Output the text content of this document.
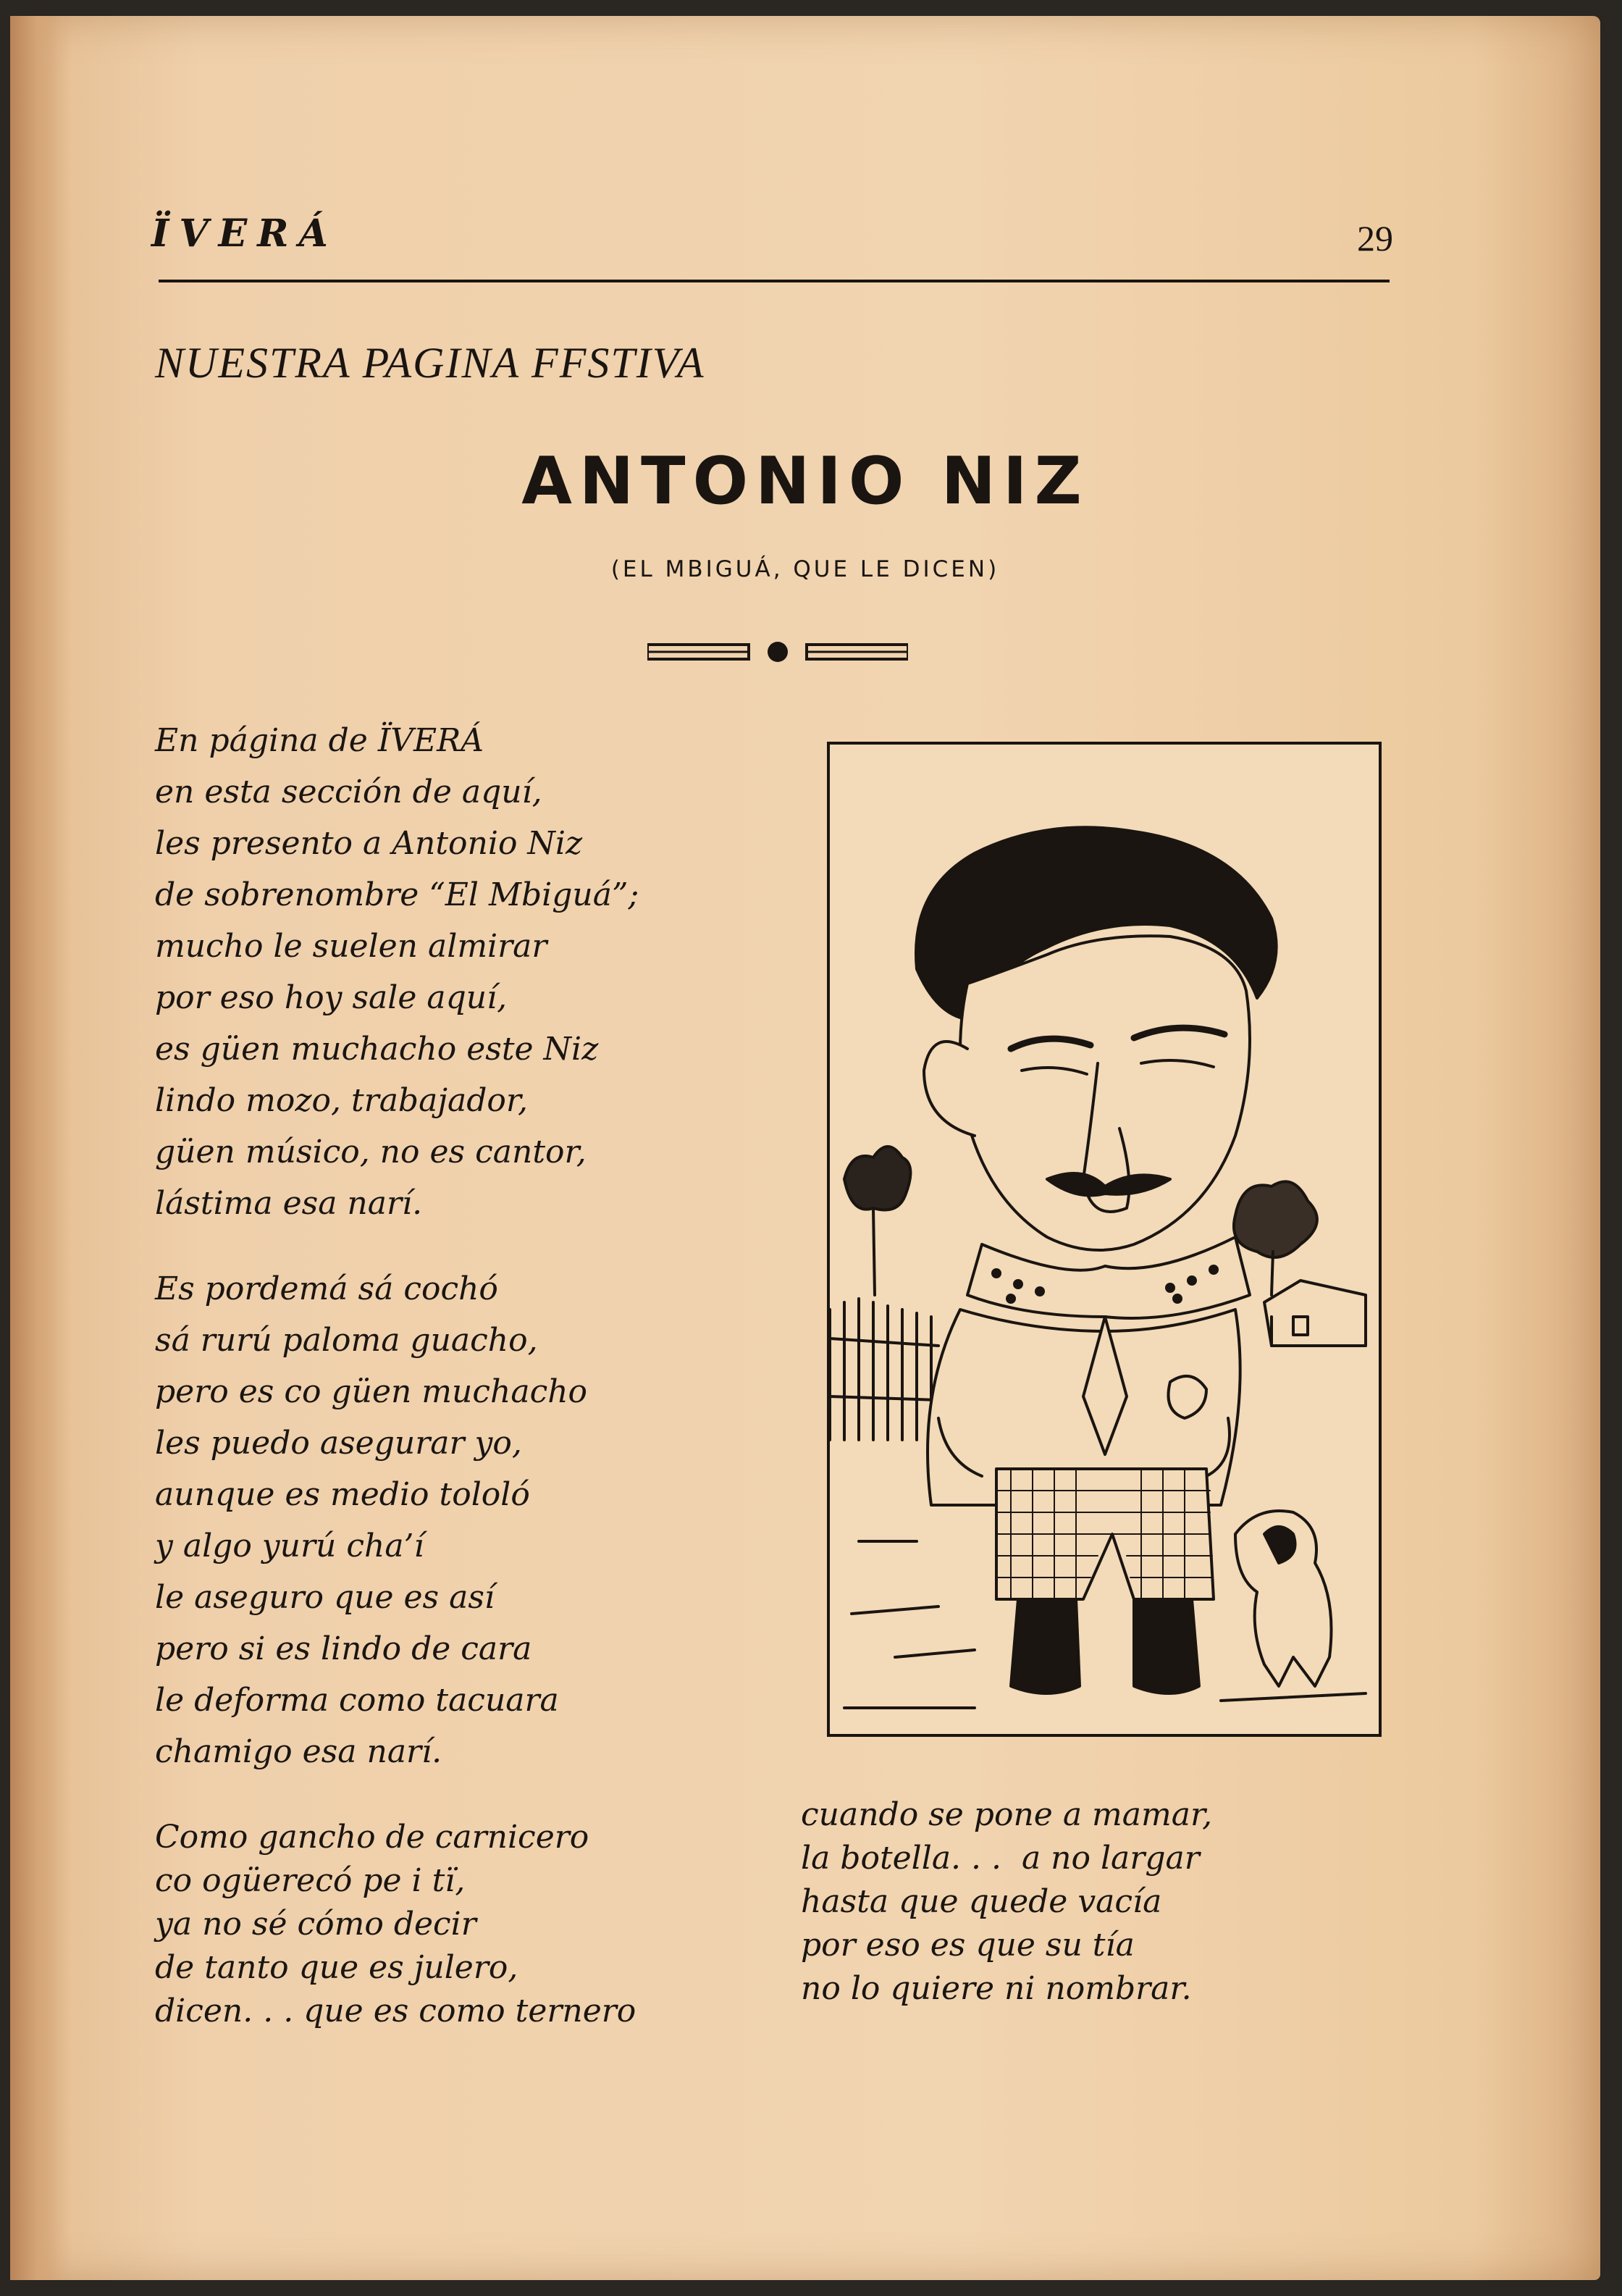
ÏVERÁ	29
NUESTRA PAGINA FFSTIVA
ANTONIO NIZ
(EL MBIGUÁ, QUE LE DICEN)
En página de ÏVERÁ
en esta sección de aquí,
les presento a Antonio Niz
de sobrenombre “El Mbiguá”;
mucho le suelen almirar
por eso hoy sale aquí,
es güen muchacho este Niz
lindo mozo, trabajador,
güen músico, no es cantor,
lástima esa narí.
Es pordemá sá cochó
sá rurú paloma guacho,
pero es co güen muchacho
les puedo asegurar yo,
aunque es medio tololó
y algo yurú cha’í
le aseguro que es así
pero si es lindo de cara
le deforma como tacuara
chamigo esa narí.
Como gancho de carnicero
co ogüerecó pe i tï,
ya no sé cómo decir
de tanto que es julero,
dicen. . . que es como ternero
cuando se pone a mamar,
la botella. . .  a no largar
hasta que quede vacía
por eso es que su tía
no lo quiere ni nombrar.
